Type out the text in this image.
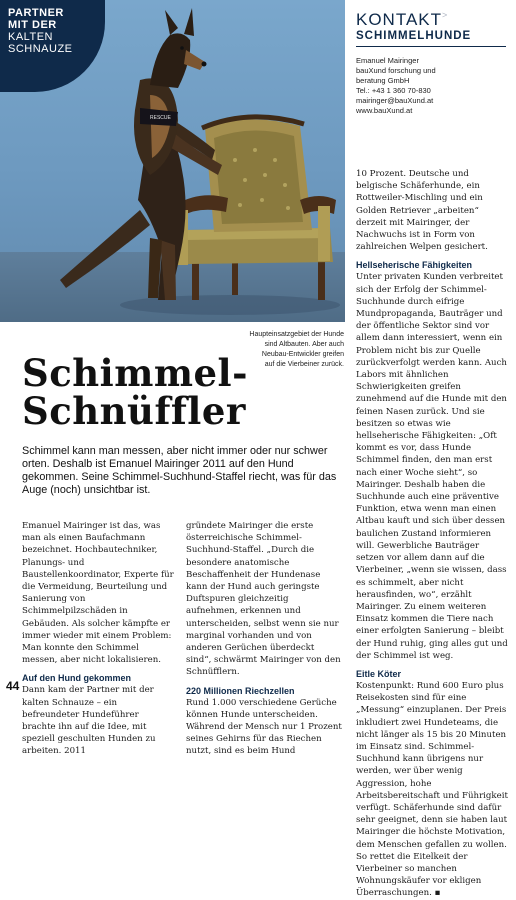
RESCUE
PARTNER
MIT DER
KALTEN
SCHNAUZE
KONTAKT>
SCHIMMELHUNDE
Emanuel Mairinger
bauXund forschung und
beratung GmbH
Tel.: +43 1 360 70-830
mairinger@bauXund.at
www.bauXund.at
Haupteinsatzgebiet der Hunde
sind Altbauten. Aber auch
Neubau-Entwickler greifen
auf die Vierbeiner zurück.
Schimmel-
Schnüffler
Schimmel kann man messen, aber nicht immer oder nur schwer orten. Deshalb ist Emanuel Mairinger 2011 auf den Hund gekommen. Seine Schimmel-Suchhund-Staffel riecht, was für das Auge (noch) unsichtbar ist.

Emanuel Mairinger ist das, was man als einen Baufachmann bezeichnet. Hochbautechniker, Planungs- und Baustellenkoordinator, Experte für die Vermeidung, Beurteilung und Sanierung von Schimmelpilzschäden in Gebäuden. Als solcher kämpfte er immer wieder mit einem Problem: Man konnte den Schimmel messen, aber nicht lokalisieren.

Auf den Hund gekommen

Dann kam der Partner mit der kalten Schnauze – ein befreundeter Hundeführer brachte ihn auf die Idee, mit speziell geschulten Hunden zu arbeiten. 2011

gründete Mairinger die erste österreichische Schimmel-Suchhund-Staffel. „Durch die besondere anatomische Beschaffenheit der Hundenase kann der Hund auch geringste Duftspuren gleichzeitig aufnehmen, erkennen und unterscheiden, selbst wenn sie nur marginal vorhanden und von anderen Gerüchen überdeckt sind“, schwärmt Mairinger von den Schnüfflern.

220 Millionen Riechzellen

Rund 1.000 verschiedene Gerüche können Hunde unterscheiden. Während der Mensch nur 1 Prozent seines Gehirns für das Riechen nutzt, sind es beim Hund

10 Prozent. Deutsche und belgische Schäferhunde, ein Rottweiler-Mischling und ein Golden Retriever „arbeiten“ derzeit mit Mairinger, der Nachwuchs ist in Form von zahlreichen Welpen gesichert.

Hellseherische Fähigkeiten

Unter privaten Kunden verbreitet sich der Erfolg der Schimmel-Suchhunde durch eifrige Mundpropaganda, Bauträger und der öffentliche Sektor sind vor allem dann interessiert, wenn ein Problem nicht bis zur Quelle zurückverfolgt werden kann. Auch Labors mit ähnlichen Schwierigkeiten greifen zunehmend auf die Hunde mit den feinen Nasen zurück. Und sie besitzen so etwas wie hellseherische Fähigkeiten: „Oft kommt es vor, dass Hunde Schimmel finden, den man erst nach einer Woche sieht“, so Mairinger. Deshalb haben die Suchhunde auch eine präventive Funktion, etwa wenn man einen Altbau kauft und sich über dessen baulichen Zustand informieren will. Gewerbliche Bauträger setzen vor allem dann auf die Vierbeiner, „wenn sie wissen, dass es schimmelt, aber nicht herausfinden, wo“, erzählt Mairinger. Zu einem weiteren Einsatz kommen die Tiere nach einer erfolgten Sanierung – bleibt der Hund ruhig, ging alles gut und der Schimmel ist weg.

Eitle Köter

Kostenpunkt: Rund 600 Euro plus Reisekosten sind für eine „Messung“ einzuplanen. Der Preis inkludiert zwei Hundeteams, die nicht länger als 15 bis 20 Minuten im Einsatz sind. Schimmel-Suchhund kann übrigens nur werden, wer über wenig Aggression, hohe Arbeitsbereitschaft und Führigkeit verfügt. Schäferhunde sind dafür sehr geeignet, denn sie haben laut Mairinger die höchste Motivation, dem Menschen gefallen zu wollen. So rettet die Eitelkeit der Vierbeiner so manchen Wohnungskäufer vor ekligen Überraschungen. ▪

44
